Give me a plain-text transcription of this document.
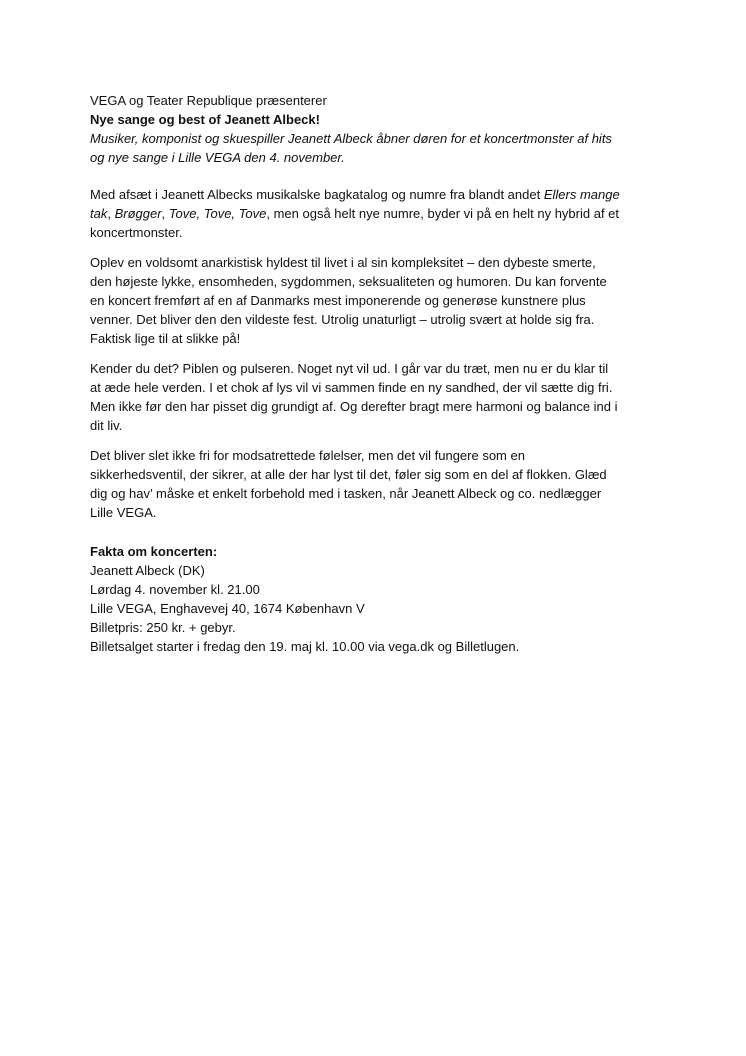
VEGA og Teater Republique præsenterer
Nye sange og best of Jeanett Albeck!
Musiker, komponist og skuespiller Jeanett Albeck åbner døren for et koncertmonster af hits
og nye sange i Lille VEGA den 4. november.

Med afsæt i Jeanett Albecks musikalske bagkatalog og numre fra blandt andet Ellers mange
tak, Brøgger, Tove, Tove, Tove, men også helt nye numre, byder vi på en helt ny hybrid af et
koncertmonster.

Oplev en voldsomt anarkistisk hyldest til livet i al sin kompleksitet – den dybeste smerte,
den højeste lykke, ensomheden, sygdommen, seksualiteten og humoren. Du kan forvente
en koncert fremført af en af Danmarks mest imponerende og generøse kunstnere plus
venner. Det bliver den den vildeste fest. Utrolig unaturligt – utrolig svært at holde sig fra.
Faktisk lige til at slikke på!

Kender du det? Piblen og pulseren. Noget nyt vil ud. I går var du træt, men nu er du klar til
at æde hele verden. I et chok af lys vil vi sammen finde en ny sandhed, der vil sætte dig fri.
Men ikke før den har pisset dig grundigt af. Og derefter bragt mere harmoni og balance ind i
dit liv.

Det bliver slet ikke fri for modsatrettede følelser, men det vil fungere som en
sikkerhedsventil, der sikrer, at alle der har lyst til det, føler sig som en del af flokken. Glæd
dig og hav’ måske et enkelt forbehold med i tasken, når Jeanett Albeck og co. nedlægger
Lille VEGA.

Fakta om koncerten:
Jeanett Albeck (DK)
Lørdag 4. november kl. 21.00
Lille VEGA, Enghavevej 40, 1674 København V
Billetpris: 250 kr. + gebyr.
Billetsalget starter i fredag den 19. maj kl. 10.00 via vega.dk og Billetlugen.
